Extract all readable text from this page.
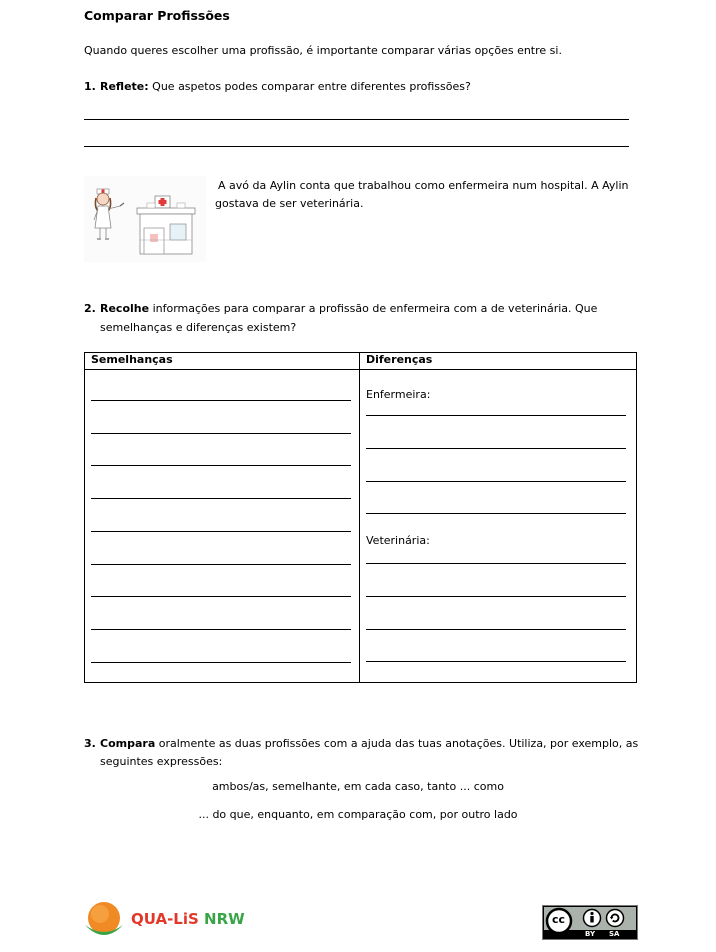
Comparar Profissões
Quando queres escolher uma profissão, é importante comparar várias opções entre si.
1. Reflete: Que aspetos podes comparar entre diferentes profissões?
A avó da Aylin conta que trabalhou como enfermeira num hospital. A Aylin gostava de ser veterinária.
2. Recolhe informações para comparar a profissão de enfermeira com a de veterinária. Que
semelhanças e diferenças existem?
Semelhanças	Diferenças

	Enfermeira:
Veterinária:
3. Compara oralmente as duas profissões com a ajuda das tuas anotações. Utiliza, por exemplo, as
seguintes expressões:
ambos/as, semelhante, em cada caso, tanto ... como
... do que, enquanto, em comparação com, por outro lado
QUA-LiS NRW	cc
BY SA
